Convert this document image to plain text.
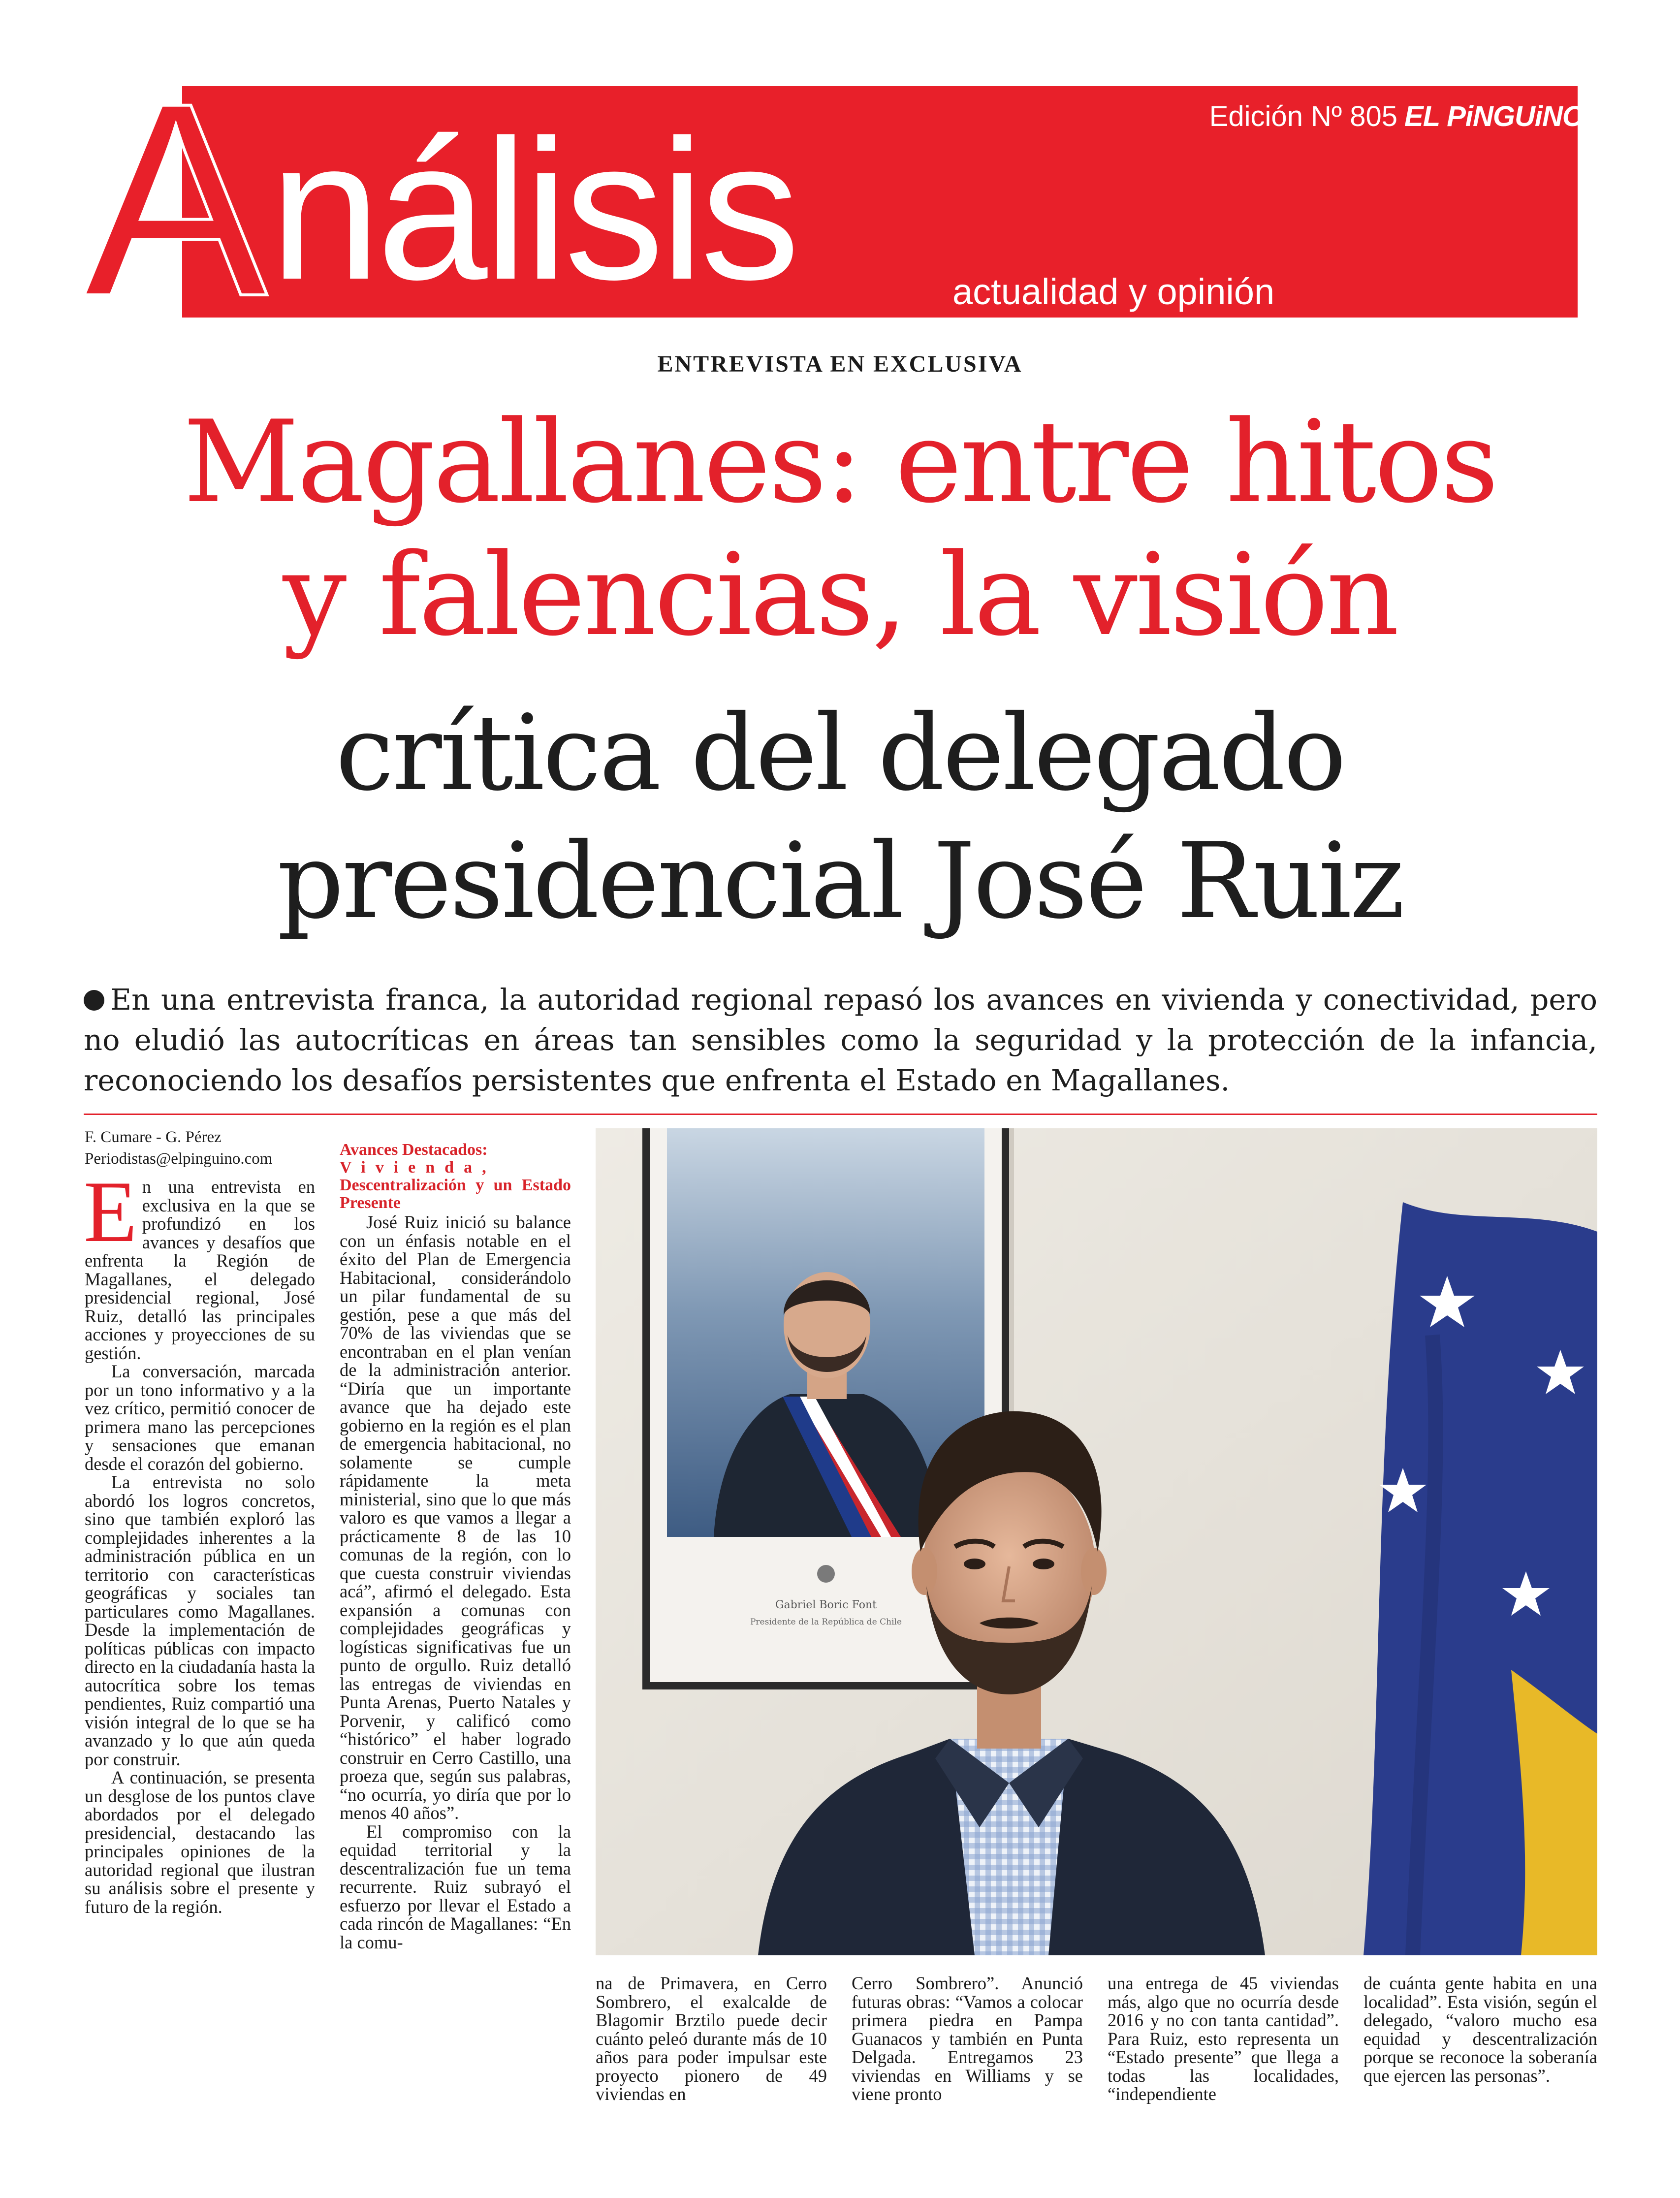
A nálisis	Edición Nº 805 EL PiNGUiNO
actualidad y opinión
ENTREVISTA EN EXCLUSIVA
Magallanes: entre hitos
y falencias, la visión
crítica del delegado
presidencial José Ruiz
En una entrevista franca, la autoridad regional repasó los avances en vivienda y conectividad, pero no eludió las autocríticas en áreas tan sensibles como la seguridad y la protección de la infancia, reconociendo los desafíos persistentes que enfrenta el Estado en Magallanes.
F. Cumare - G. Pérez
Periodistas@elpinguino.com
E n una entrevista en exclusiva en la que se profundizó en los avances y desafíos que enfrenta la Región de Magallanes, el delegado presidencial regional, José Ruiz, detalló las principales acciones y proyecciones de su gestión.

La conversación, marcada por un tono informativo y a la vez crítico, permitió conocer de primera mano las percepciones y sensaciones que emanan desde el corazón del gobierno.

La entrevista no solo abordó los logros concretos, sino que también exploró las complejidades inherentes a la administración pública en un territorio con características geográficas y sociales tan particulares como Magallanes. Desde la implementación de políticas públicas con impacto directo en la ciudadanía hasta la autocrítica sobre los temas pendientes, Ruiz compartió una visión integral de lo que se ha avanzado y lo que aún queda por construir.

A continuación, se presenta un desglose de los puntos clave abordados por el delegado presidencial, destacando las principales opiniones de la autoridad regional que ilustran su análisis sobre el presente y futuro de la región.

Avances Destacados:
Vivienda,
Descentralización y un Estado Presente

José Ruiz inició su balance con un énfasis notable en el éxito del Plan de Emergencia Habitacional, considerándolo un pilar fundamental de su gestión, pese a que más del 70% de las viviendas que se encontraban en el plan venían de la administración anterior. “Diría que un importante avance que ha dejado este gobierno en la región es el plan de emergencia habitacional, no solamente se cumple rápidamente la meta ministerial, sino que lo que más valoro es que vamos a llegar a prácticamente 8 de las 10 comunas de la región, con lo que cuesta construir viviendas acá”, afirmó el delegado. Esta expansión a comunas con complejidades geográficas y logísticas significativas fue un punto de orgullo. Ruiz detalló las entregas de viviendas en Punta Arenas, Puerto Natales y Porvenir, y calificó como “histórico” el haber logrado construir en Cerro Castillo, una proeza que, según sus palabras, “no ocurría, yo diría que por lo menos 40 años”.

El compromiso con la equidad territorial y la descentralización fue un tema recurrente. Ruiz subrayó el esfuerzo por llevar el Estado a cada rincón de Magallanes: “En la comu-

Gabriel Boric Font
Presidente de la República de Chile

na de Primavera, en Cerro Sombrero, el exalcalde de Blagomir Brztilo puede decir cuánto peleó durante más de 10 años para poder impulsar este proyecto pionero de 49 viviendas en

Cerro Sombrero”. Anunció futuras obras: “Vamos a colocar primera piedra en Pampa Guanacos y también en Punta Delgada. Entregamos 23 viviendas en Williams y se viene pronto

una entrega de 45 viviendas más, algo que no ocurría desde 2016 y no con tanta cantidad”. Para Ruiz, esto representa un “Estado presente” que llega a todas las localidades, “independiente

de cuánta gente habita en una localidad”. Esta visión, según el delegado, “valoro mucho esa equidad y descentralización porque se reconoce la soberanía que ejercen las personas”.
